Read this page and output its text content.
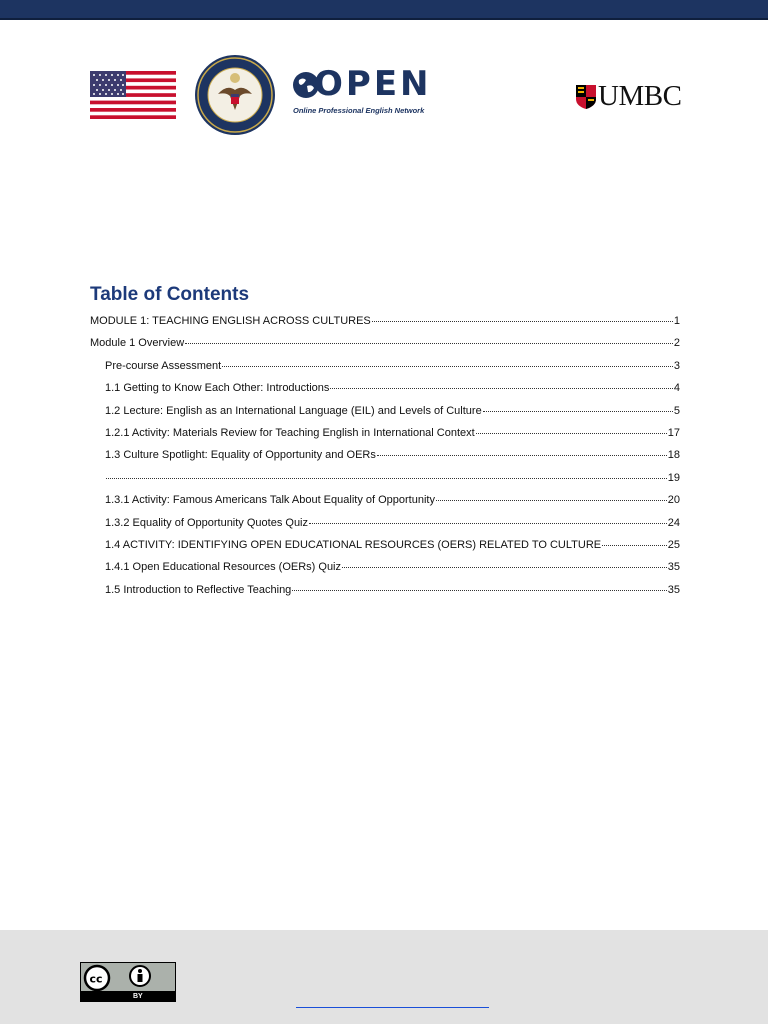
OPEN
Online Professional English Network	UMBC
Table of Contents
MODULE 1: TEACHING ENGLISH ACROSS CULTURES	1
Module 1 Overview	2
Pre-course Assessment	3
1.1 Getting to Know Each Other: Introductions	4
1.2 Lecture: English as an International Language (EIL) and Levels of Culture	5
1.2.1 Activity: Materials Review for Teaching English in International Context	17
1.3 Culture Spotlight: Equality of Opportunity and OERs	18
19
1.3.1 Activity: Famous Americans Talk About Equality of Opportunity	20
1.3.2 Equality of Opportunity Quotes Quiz	24
1.4 ACTIVITY: IDENTIFYING OPEN EDUCATIONAL RESOURCES (OERS) RELATED TO CULTURE	25
1.4.1 Open Educational Resources (OERs) Quiz	35
1.5 Introduction to Reflective Teaching	35
cc
BY
